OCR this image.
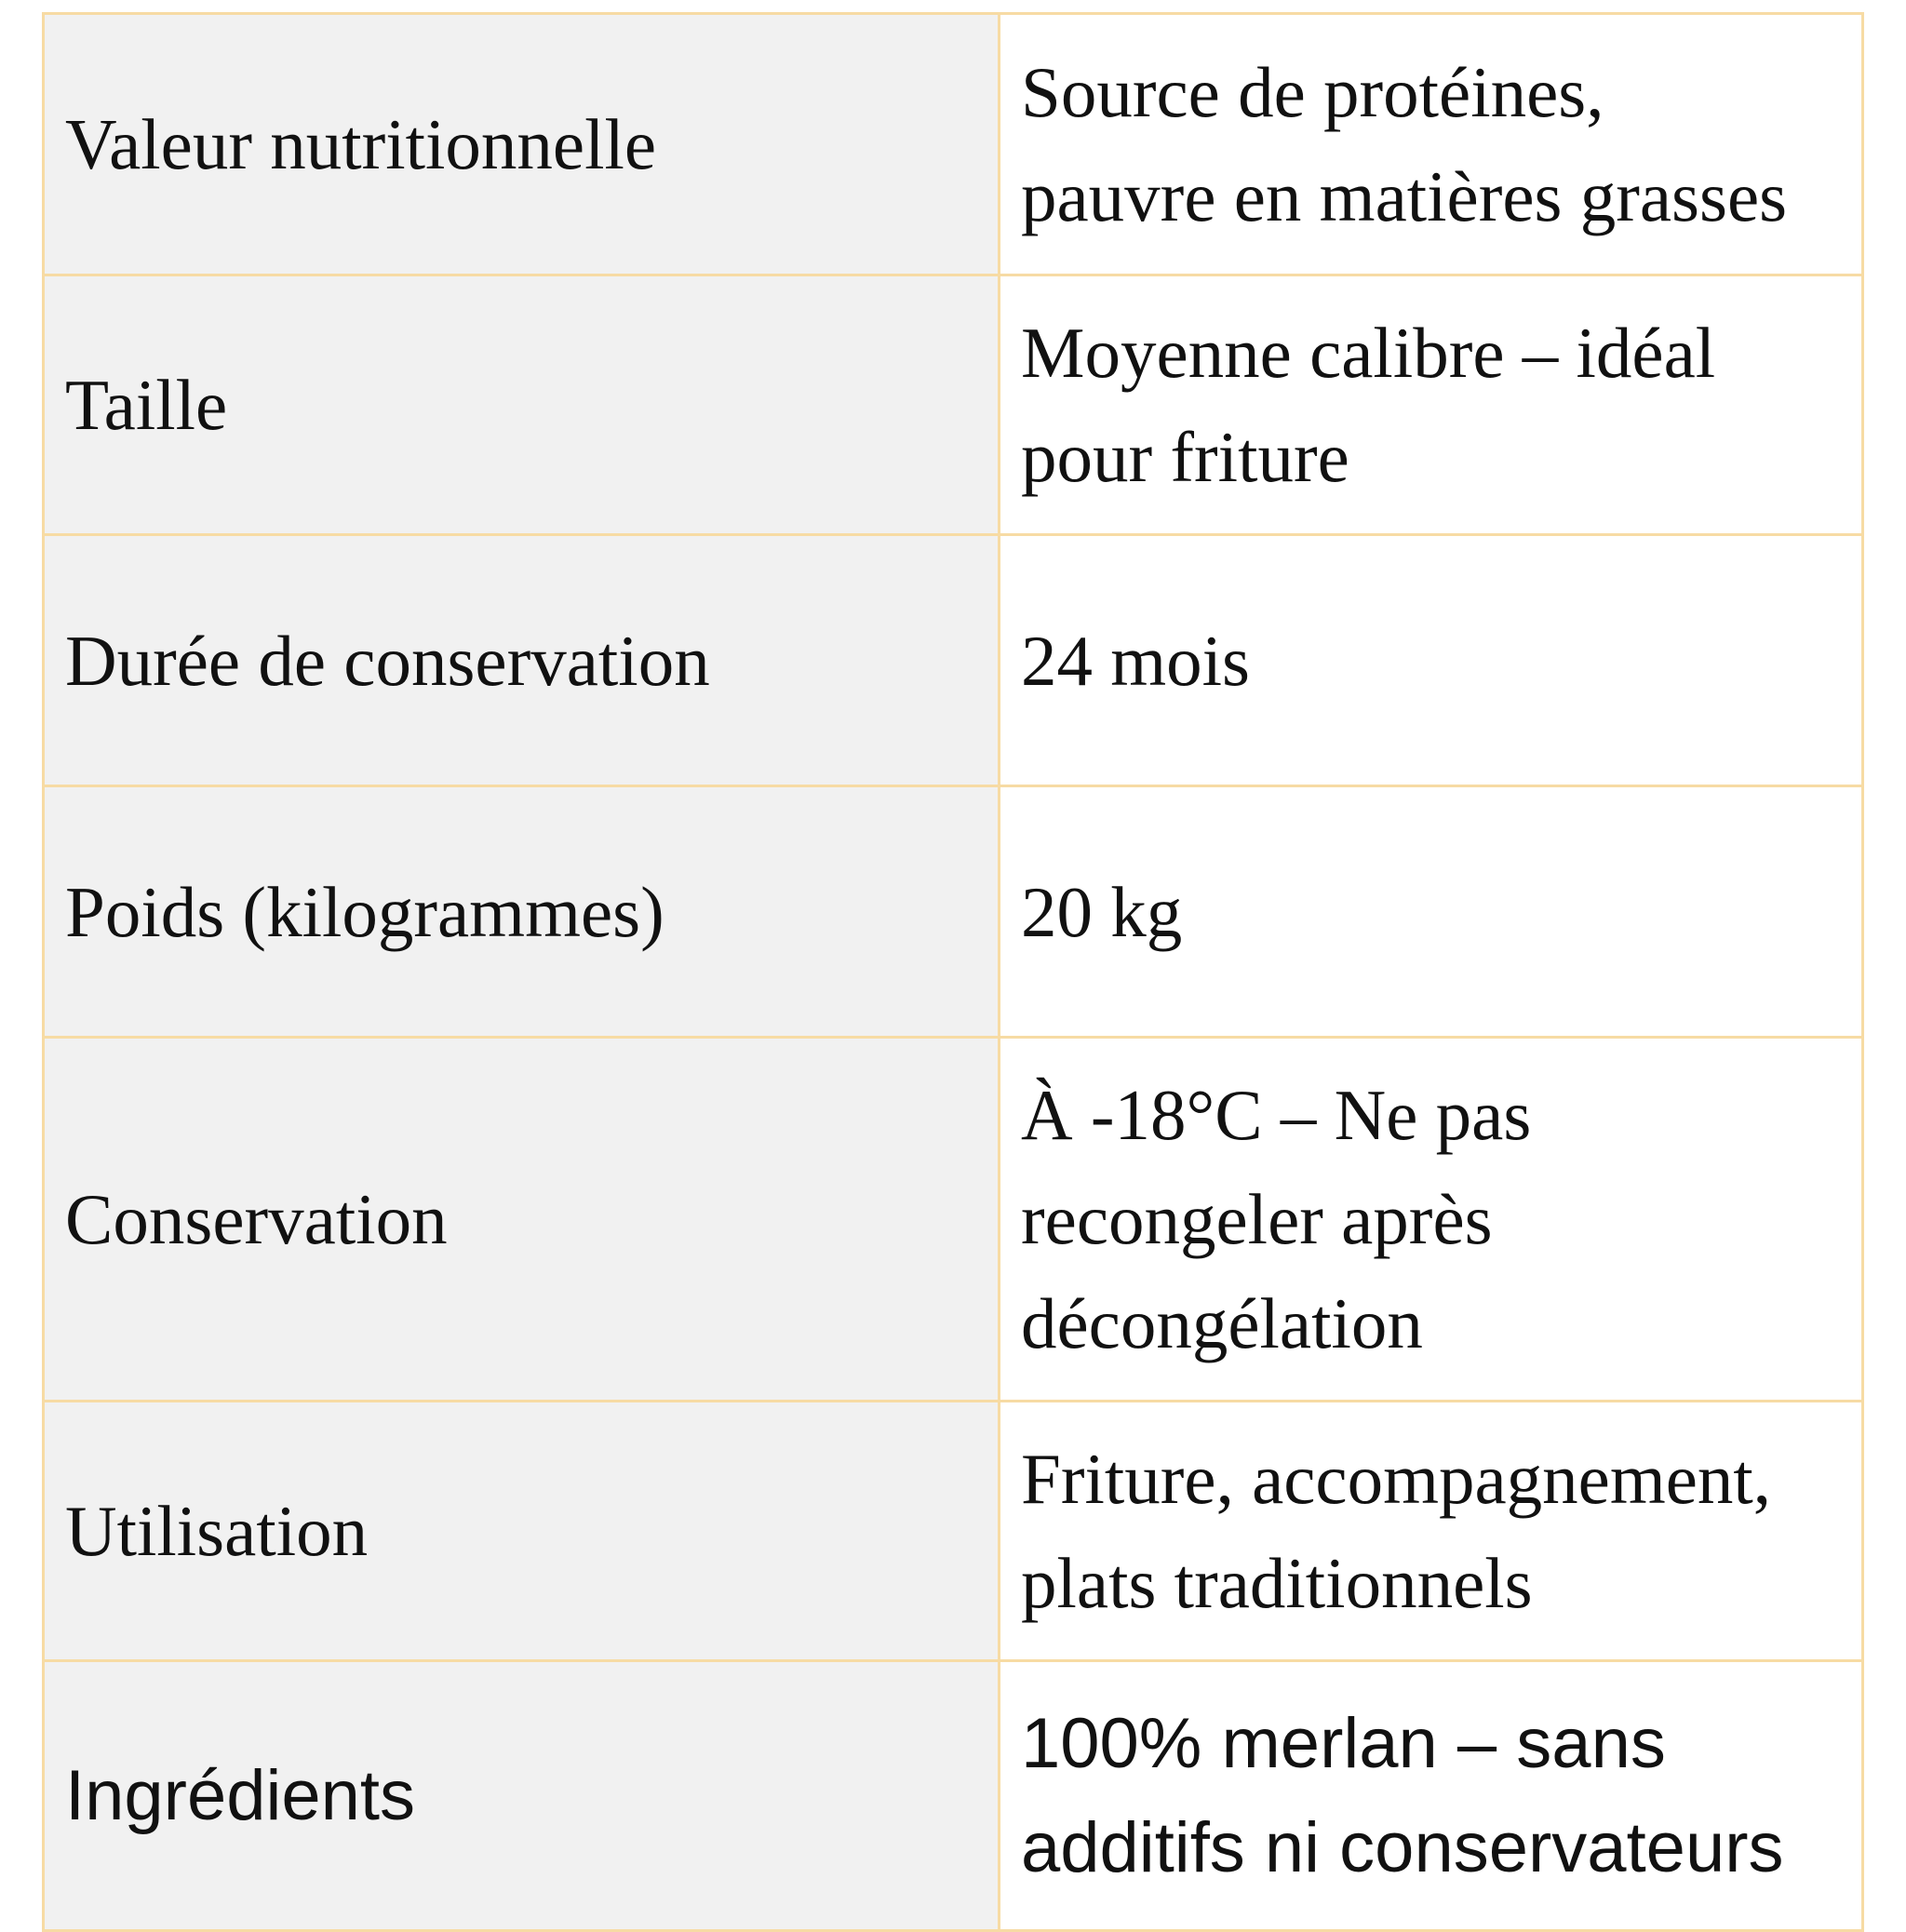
Valeur nutritionnelle	Source de protéines,
pauvre en matières grasses

Taille	Moyenne calibre – idéal
pour friture

Durée de conservation	24 mois

Poids (kilogrammes)	20 kg

Conservation	À -18°C – Ne pas
recongeler après
décongélation

Utilisation	Friture, accompagnement,
plats traditionnels

Ingrédients	100% merlan – sans
additifs ni conservateurs
